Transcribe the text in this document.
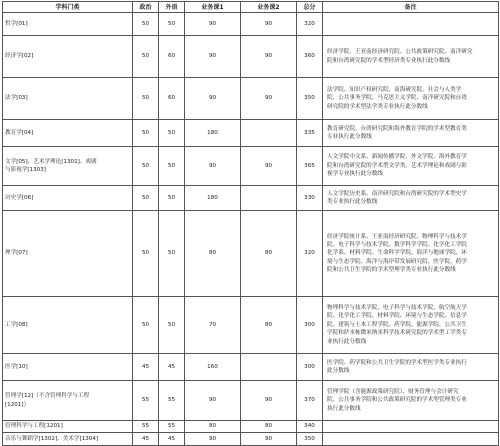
学科门类	政治	外语	业务课1	业务课2	总分	备注
哲学[01]	50	50	90	90	320	
经济学[02]	50	60	90	90	360	经济学院、王亚南经济研究院、公共政策研究院、南洋研究
院和台湾研究院的学术型经济类专业执行此分数线
法学[03]	50	60	90	90	350	法学院、知识产权研究院、南海研究院、社会与人类学
院、公共事务学院、马克思主义学院、南洋研究院和台湾
研究院的学术型法学类专业执行此分数线
教育学[04]	50	50	180		335	教育研究院、台湾研究院和海外教育学院的学术型教育类
专业执行此分数线
文学[05]、艺术学理论[1301]、戏剧
与影视学[1303]	50	50	90	90	365	人文学院中文系、新闻传播学院、外文学院、海外教育学
院和台湾研究院的学术型文学类、艺术学理论和戏剧与影
视学专业执行此分数线
历史学[06]	50	50	180		330	人文学院历史系、南洋研究院和台湾研究院的学术型史学
类专业执行此分数线
理学[07]	50	50	80	80	320	经济学院统计系、王亚南经济研究院、物理科学与技术学
院、电子科学与技术学院、数学科学学院、化学化工学院
化学系、材料学院、生命科学学院、海洋与地球学院、环
境与生态学院、海洋与海岸带发展研究院、医学院、药学
院和公共卫生学院的学术型理学类专业执行此分数线
工学[08]	50	50	70	80	300	物理科学与技术学院、电子科学与技术学院、航空航天学
院、化学化工学院、材料学院、环境与生态学院、信息学
院、建筑与土木工程学院、药学院、能源学院、公共卫生
学院和萨本栋微米纳米科学技术研究院的学术型工学类专
业执行此分数线
医学[10]	45	45	160		300	医学院、药学院和公共卫生学院的学术型医学类专业执行
此分数线
管理学[12]（不含管理科学与工程
[1201]）	55	55	90	90	370	管理学院（含能源政策研究院）、财务管理与会计研究
院、公共事务学院和公共政策研究院的学术型管理类专业
执行此分数线
管理科学与工程[1201]	55	55	80	80	340	
音乐与舞蹈学[1302]、美术学[1304]	45	45	90	90	350	
